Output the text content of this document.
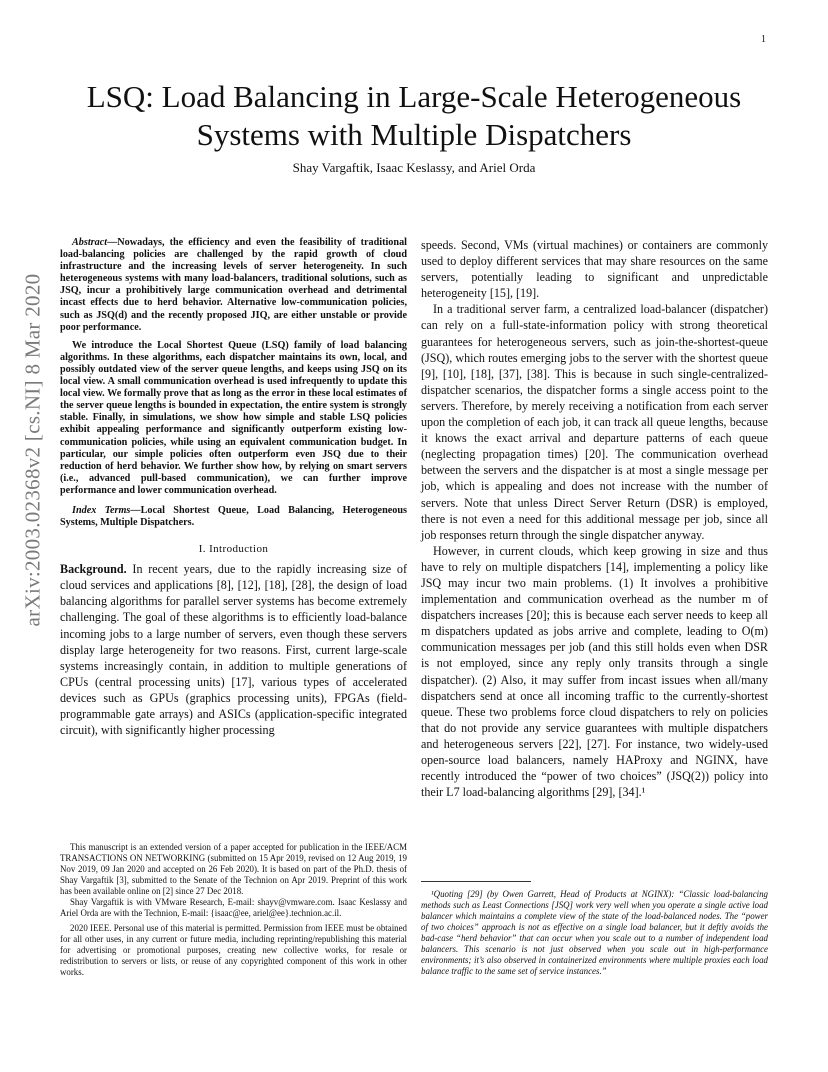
1
arXiv:2003.02368v2 [cs.NI] 8 Mar 2020
LSQ: Load Balancing in Large-Scale Heterogeneous Systems with Multiple Dispatchers
Shay Vargaftik, Isaac Keslassy, and Ariel Orda

Abstract—Nowadays, the efficiency and even the feasibility of traditional load-balancing policies are challenged by the rapid growth of cloud infrastructure and the increasing levels of server heterogeneity. In such heterogeneous systems with many load-balancers, traditional solutions, such as JSQ, incur a prohibitively large communication overhead and detrimental incast effects due to herd behavior. Alternative low-communication policies, such as JSQ(d) and the recently proposed JIQ, are either unstable or provide poor performance.

We introduce the Local Shortest Queue (LSQ) family of load balancing algorithms. In these algorithms, each dispatcher maintains its own, local, and possibly outdated view of the server queue lengths, and keeps using JSQ on its local view. A small communication overhead is used infrequently to update this local view. We formally prove that as long as the error in these local estimates of the server queue lengths is bounded in expectation, the entire system is strongly stable. Finally, in simulations, we show how simple and stable LSQ policies exhibit appealing performance and significantly outperform existing low-communication policies, while using an equivalent communication budget. In particular, our simple policies often outperform even JSQ due to their reduction of herd behavior. We further show how, by relying on smart servers (i.e., advanced pull-based communication), we can further improve performance and lower communication overhead.

Index Terms—Local Shortest Queue, Load Balancing, Heterogeneous Systems, Multiple Dispatchers.

I. Introduction

Background. In recent years, due to the rapidly increasing size of cloud services and applications [8], [12], [18], [28], the design of load balancing algorithms for parallel server systems has become extremely challenging. The goal of these algorithms is to efficiently load-balance incoming jobs to a large number of servers, even though these servers display large heterogeneity for two reasons. First, current large-scale systems increasingly contain, in addition to multiple generations of CPUs (central processing units) [17], various types of accelerated devices such as GPUs (graphics processing units), FPGAs (field-programmable gate arrays) and ASICs (application-specific integrated circuit), with significantly higher processing

speeds. Second, VMs (virtual machines) or containers are commonly used to deploy different services that may share resources on the same servers, potentially leading to significant and unpredictable heterogeneity [15], [19].

In a traditional server farm, a centralized load-balancer (dispatcher) can rely on a full-state-information policy with strong theoretical guarantees for heterogeneous servers, such as join-the-shortest-queue (JSQ), which routes emerging jobs to the server with the shortest queue [9], [10], [18], [37], [38]. This is because in such single-centralized-dispatcher scenarios, the dispatcher forms a single access point to the servers. Therefore, by merely receiving a notification from each server upon the completion of each job, it can track all queue lengths, because it knows the exact arrival and departure patterns of each queue (neglecting propagation times) [20]. The communication overhead between the servers and the dispatcher is at most a single message per job, which is appealing and does not increase with the number of servers. Note that unless Direct Server Return (DSR) is employed, there is not even a need for this additional message per job, since all job responses return through the single dispatcher anyway.

However, in current clouds, which keep growing in size and thus have to rely on multiple dispatchers [14], implementing a policy like JSQ may incur two main problems. (1) It involves a prohibitive implementation and communication overhead as the number m of dispatchers increases [20]; this is because each server needs to keep all m dispatchers updated as jobs arrive and complete, leading to O(m) communication messages per job (and this still holds even when DSR is not employed, since any reply only transits through a single dispatcher). (2) Also, it may suffer from incast issues when all/many dispatchers send at once all incoming traffic to the currently-shortest queue. These two problems force cloud dispatchers to rely on policies that do not provide any service guarantees with multiple dispatchers and heterogeneous servers [22], [27]. For instance, two widely-used open-source load balancers, namely HAProxy and NGINX, have recently introduced the “power of two choices” (JSQ(2)) policy into their L7 load-balancing algorithms [29], [34].¹

This manuscript is an extended version of a paper accepted for publication in the IEEE/ACM TRANSACTIONS ON NETWORKING (submitted on 15 Apr 2019, revised on 12 Aug 2019, 19 Nov 2019, 09 Jan 2020 and accepted on 26 Feb 2020). It is based on part of the Ph.D. thesis of Shay Vargaftik [3], submitted to the Senate of the Technion on Apr 2019. Preprint of this work has been available online on [2] since 27 Dec 2018.

Shay Vargaftik is with VMware Research, E-mail: shayv@vmware.com. Isaac Keslassy and Ariel Orda are with the Technion, E-mail: {isaac@ee, ariel@ee}.technion.ac.il.

2020 IEEE. Personal use of this material is permitted. Permission from IEEE must be obtained for all other uses, in any current or future media, including reprinting/republishing this material for advertising or promotional purposes, creating new collective works, for resale or redistribution to servers or lists, or reuse of any copyrighted component of this work in other works.

¹Quoting [29] (by Owen Garrett, Head of Products at NGINX): “Classic load-balancing methods such as Least Connections [JSQ] work very well when you operate a single active load balancer which maintains a complete view of the state of the load-balanced nodes. The “power of two choices” approach is not as effective on a single load balancer, but it deftly avoids the bad-case “herd behavior” that can occur when you scale out to a number of independent load balancers. This scenario is not just observed when you scale out in high-performance environments; it’s also observed in containerized environments where multiple proxies each load balance traffic to the same set of service instances.”
